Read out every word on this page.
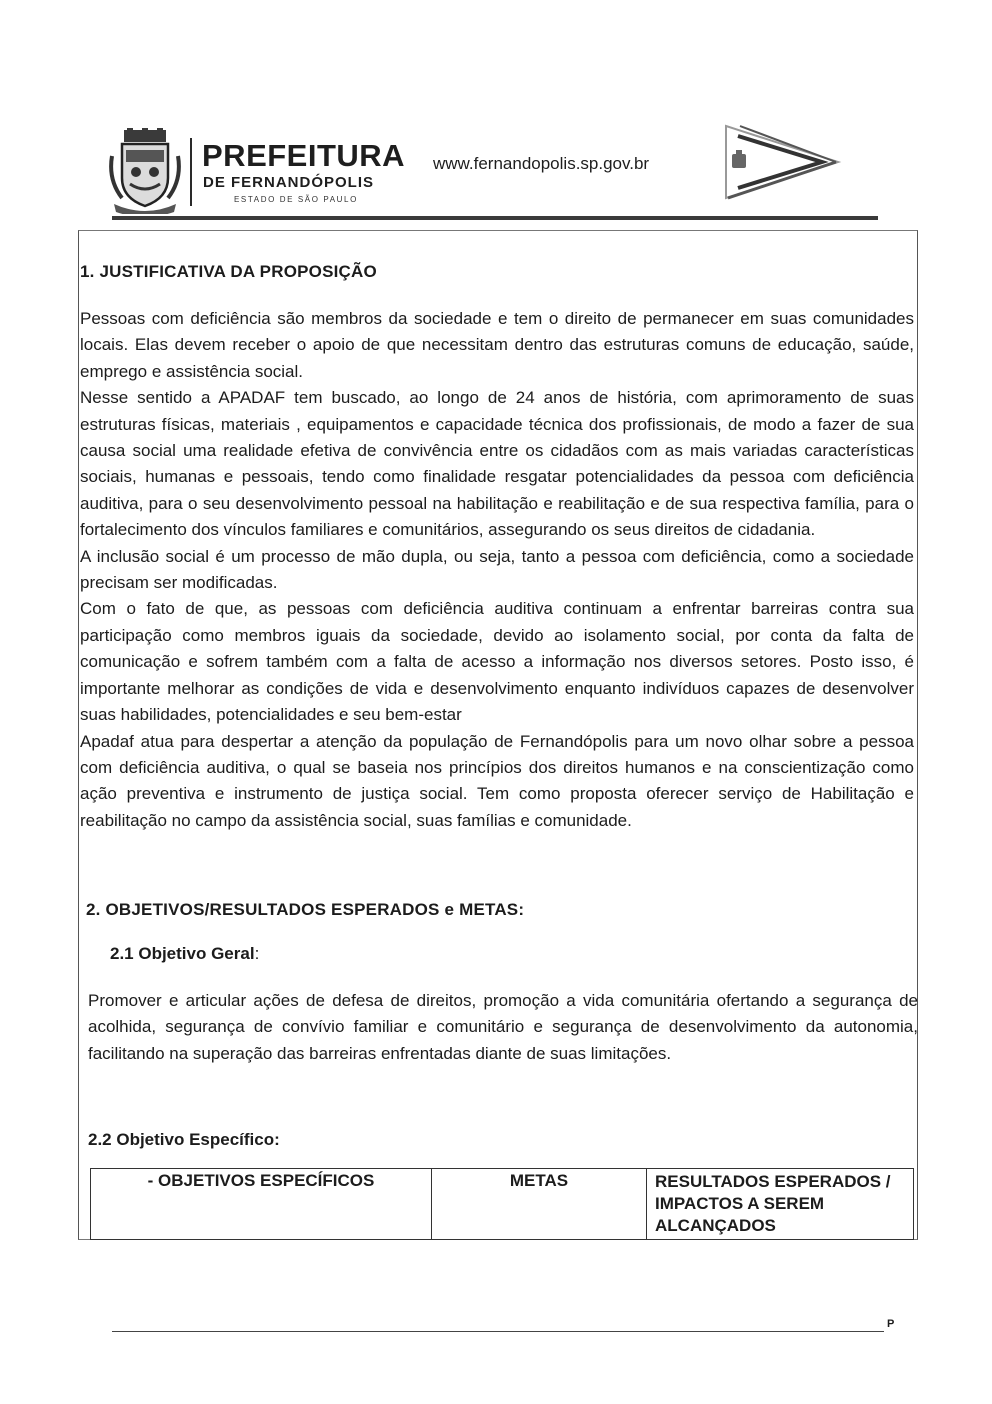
PREFEITURA
DE FERNANDÓPOLIS
ESTADO DE SÃO PAULO
www.fernandopolis.sp.gov.br
1. JUSTIFICATIVA DA PROPOSIÇÃO

Pessoas com deficiência são membros da sociedade e tem o direito de permanecer em suas comunidades locais. Elas devem receber o apoio de que necessitam dentro das estruturas comuns de educação, saúde, emprego e assistência social.

Nesse sentido a APADAF tem buscado, ao longo de 24 anos de história, com aprimoramento de suas estruturas físicas, materiais , equipamentos e capacidade técnica dos profissionais, de modo a fazer de sua causa social uma realidade efetiva de convivência entre os cidadãos com as mais variadas características sociais, humanas e pessoais, tendo como finalidade resgatar potencialidades da pessoa com deficiência auditiva, para o seu desenvolvimento pessoal na habilitação e reabilitação e de sua respectiva família, para o fortalecimento dos vínculos familiares e comunitários, assegurando os seus direitos de cidadania.

A inclusão social é um processo de mão dupla, ou seja, tanto a pessoa com deficiência, como a sociedade precisam ser modificadas.

Com o fato de que, as pessoas com deficiência auditiva continuam a enfrentar barreiras contra sua participação como membros iguais da sociedade, devido ao isolamento social, por conta da falta de comunicação e sofrem também com a falta de acesso a informação nos diversos setores. Posto isso, é importante melhorar as condições de vida e desenvolvimento enquanto indivíduos capazes de desenvolver suas habilidades, potencialidades e seu bem-estar

Apadaf atua para despertar a atenção da população de Fernandópolis para um novo olhar sobre a pessoa com deficiência auditiva, o qual se baseia nos princípios dos direitos humanos e na conscientização como ação preventiva e instrumento de justiça social. Tem como proposta oferecer serviço de Habilitação e reabilitação no campo da assistência social, suas famílias e comunidade.

2. OBJETIVOS/RESULTADOS ESPERADOS e METAS:
2.1 Objetivo Geral:

Promover e articular ações de defesa de direitos, promoção a vida comunitária ofertando a segurança de acolhida, segurança de convívio familiar e comunitário e segurança de desenvolvimento da autonomia, facilitando na superação das barreiras enfrentadas diante de suas limitações.

2.2 Objetivo Específico:
- OBJETIVOS ESPECÍFICOS	METAS	RESULTADOS ESPERADOS / IMPACTOS A SEREM ALCANÇADOS
P
